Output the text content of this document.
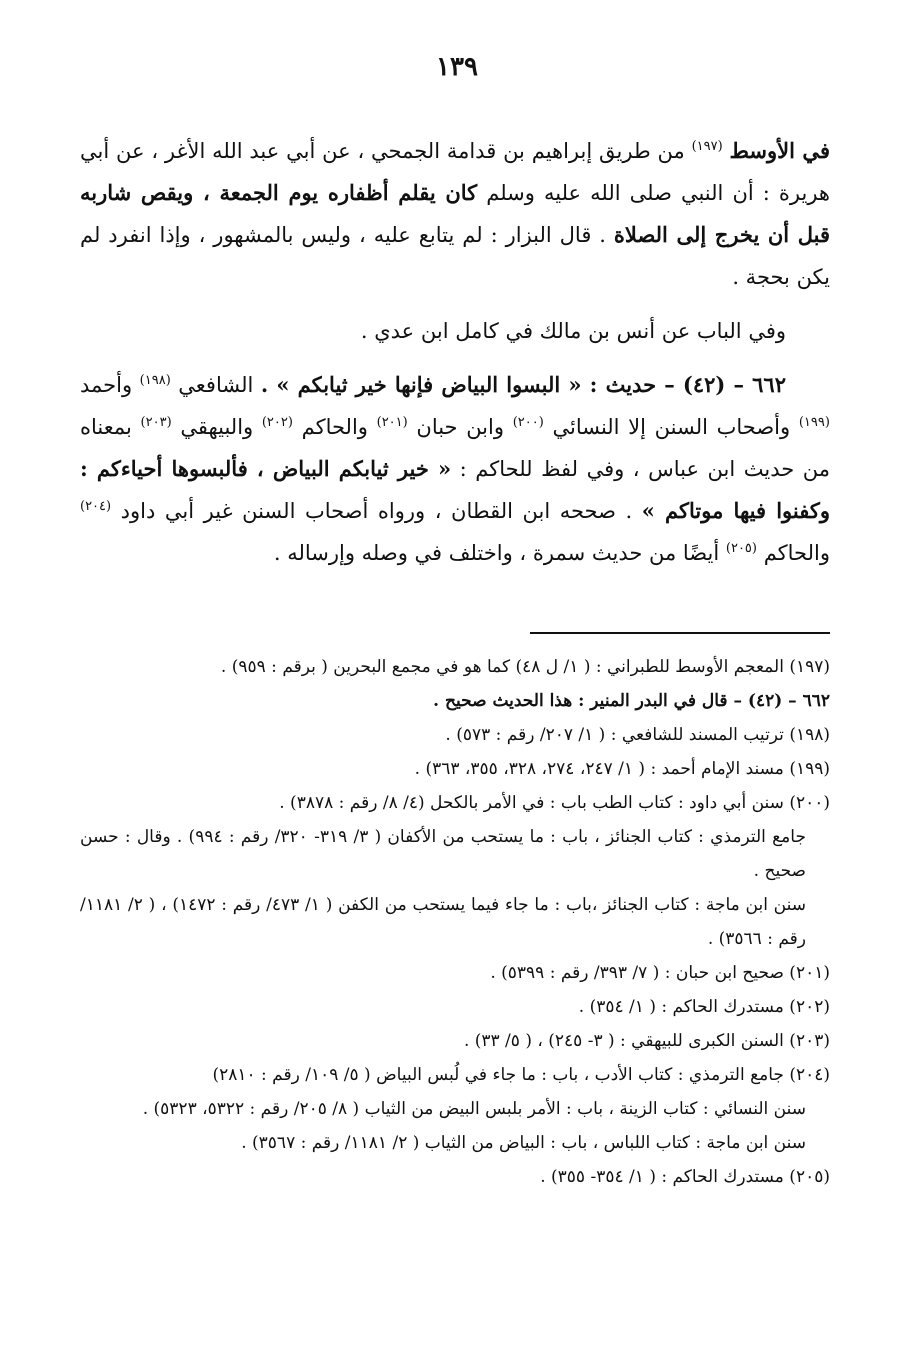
١٣٩

في الأوسط $^{(١٩٧)}$ من طريق إبراهيم بن قدامة الجمحي ، عن أبي عبد الله الأغر ، عن أبي هريرة : أن النبي صلى الله عليه وسلم كان يقلم أظفاره يوم الجمعة ، ويقص شاربه قبل أن يخرج إلى الصلاة . قال البزار : لم يتابع عليه ، وليس بالمشهور ، وإذا انفرد لم يكن بحجة .

وفي الباب عن أنس بن مالك في كامل ابن عدي .

٦٦٢ – (٤٢) – حديث : « البسوا البياض فإنها خير ثيابكم » . الشافعي $^{(١٩٨)}$ وأحمد $^{(١٩٩)}$ وأصحاب السنن إلا النسائي $^{(٢٠٠)}$ وابن حبان $^{(٢٠١)}$ والحاكم $^{(٢٠٢)}$ والبيهقي $^{(٢٠٣)}$ بمعناه من حديث ابن عباس ، وفي لفظ للحاكم : « خير ثيابكم البياض ، فألبسوها أحياءكم : وكفنوا فيها موتاكم » . صححه ابن القطان ، ورواه أصحاب السنن غير أبي داود $^{(٢٠٤)}$ والحاكم $^{(٢٠٥)}$ أيضًا من حديث سمرة ، واختلف في وصله وإرساله .

(١٩٧) المعجم الأوسط للطبراني : ( ١/ ل ٤٨) كما هو في مجمع البحرين ( برقم : ٩٥٩) .

٦٦٢ – (٤٢) – قال في البدر المنير : هذا الحديث صحيح .

(١٩٨) ترتيب المسند للشافعي : ( ١/ ٢٠٧/ رقم : ٥٧٣) .

(١٩٩) مسند الإمام أحمد : ( ١/ ٢٤٧، ٢٧٤، ٣٢٨، ٣٥٥، ٣٦٣) .

(٢٠٠) سنن أبي داود : كتاب الطب باب : في الأمر بالكحل (٤/ ٨/ رقم : ٣٨٧٨) .

جامع الترمذي : كتاب الجنائز ، باب : ما يستحب من الأكفان ( ٣/ ٣١٩- ٣٢٠/ رقم : ٩٩٤) . وقال : حسن صحيح .

سنن ابن ماجة : كتاب الجنائز ،باب : ما جاء فيما يستحب من الكفن ( ١/ ٤٧٣/ رقم : ١٤٧٢) ، ( ٢/ ١١٨١/ رقم : ٣٥٦٦) .

(٢٠١) صحيح ابن حبان : ( ٧/ ٣٩٣/ رقم : ٥٣٩٩) .

(٢٠٢) مستدرك الحاكم : ( ١/ ٣٥٤) .

(٢٠٣) السنن الكبرى للبيهقي : ( ٣- ٢٤٥) ، ( ٥/ ٣٣) .

(٢٠٤) جامع الترمذي : كتاب الأدب ، باب : ما جاء في لُبس البياض ( ٥/ ١٠٩/ رقم : ٢٨١٠)

سنن النسائي : كتاب الزينة ، باب : الأمر بلبس البيض من الثياب ( ٨/ ٢٠٥/ رقم : ٥٣٢٢، ٥٣٢٣) .

سنن ابن ماجة : كتاب اللباس ، باب : البياض من الثياب ( ٢/ ١١٨١/ رقم : ٣٥٦٧) .

(٢٠٥) مستدرك الحاكم : ( ١/ ٣٥٤- ٣٥٥) .
